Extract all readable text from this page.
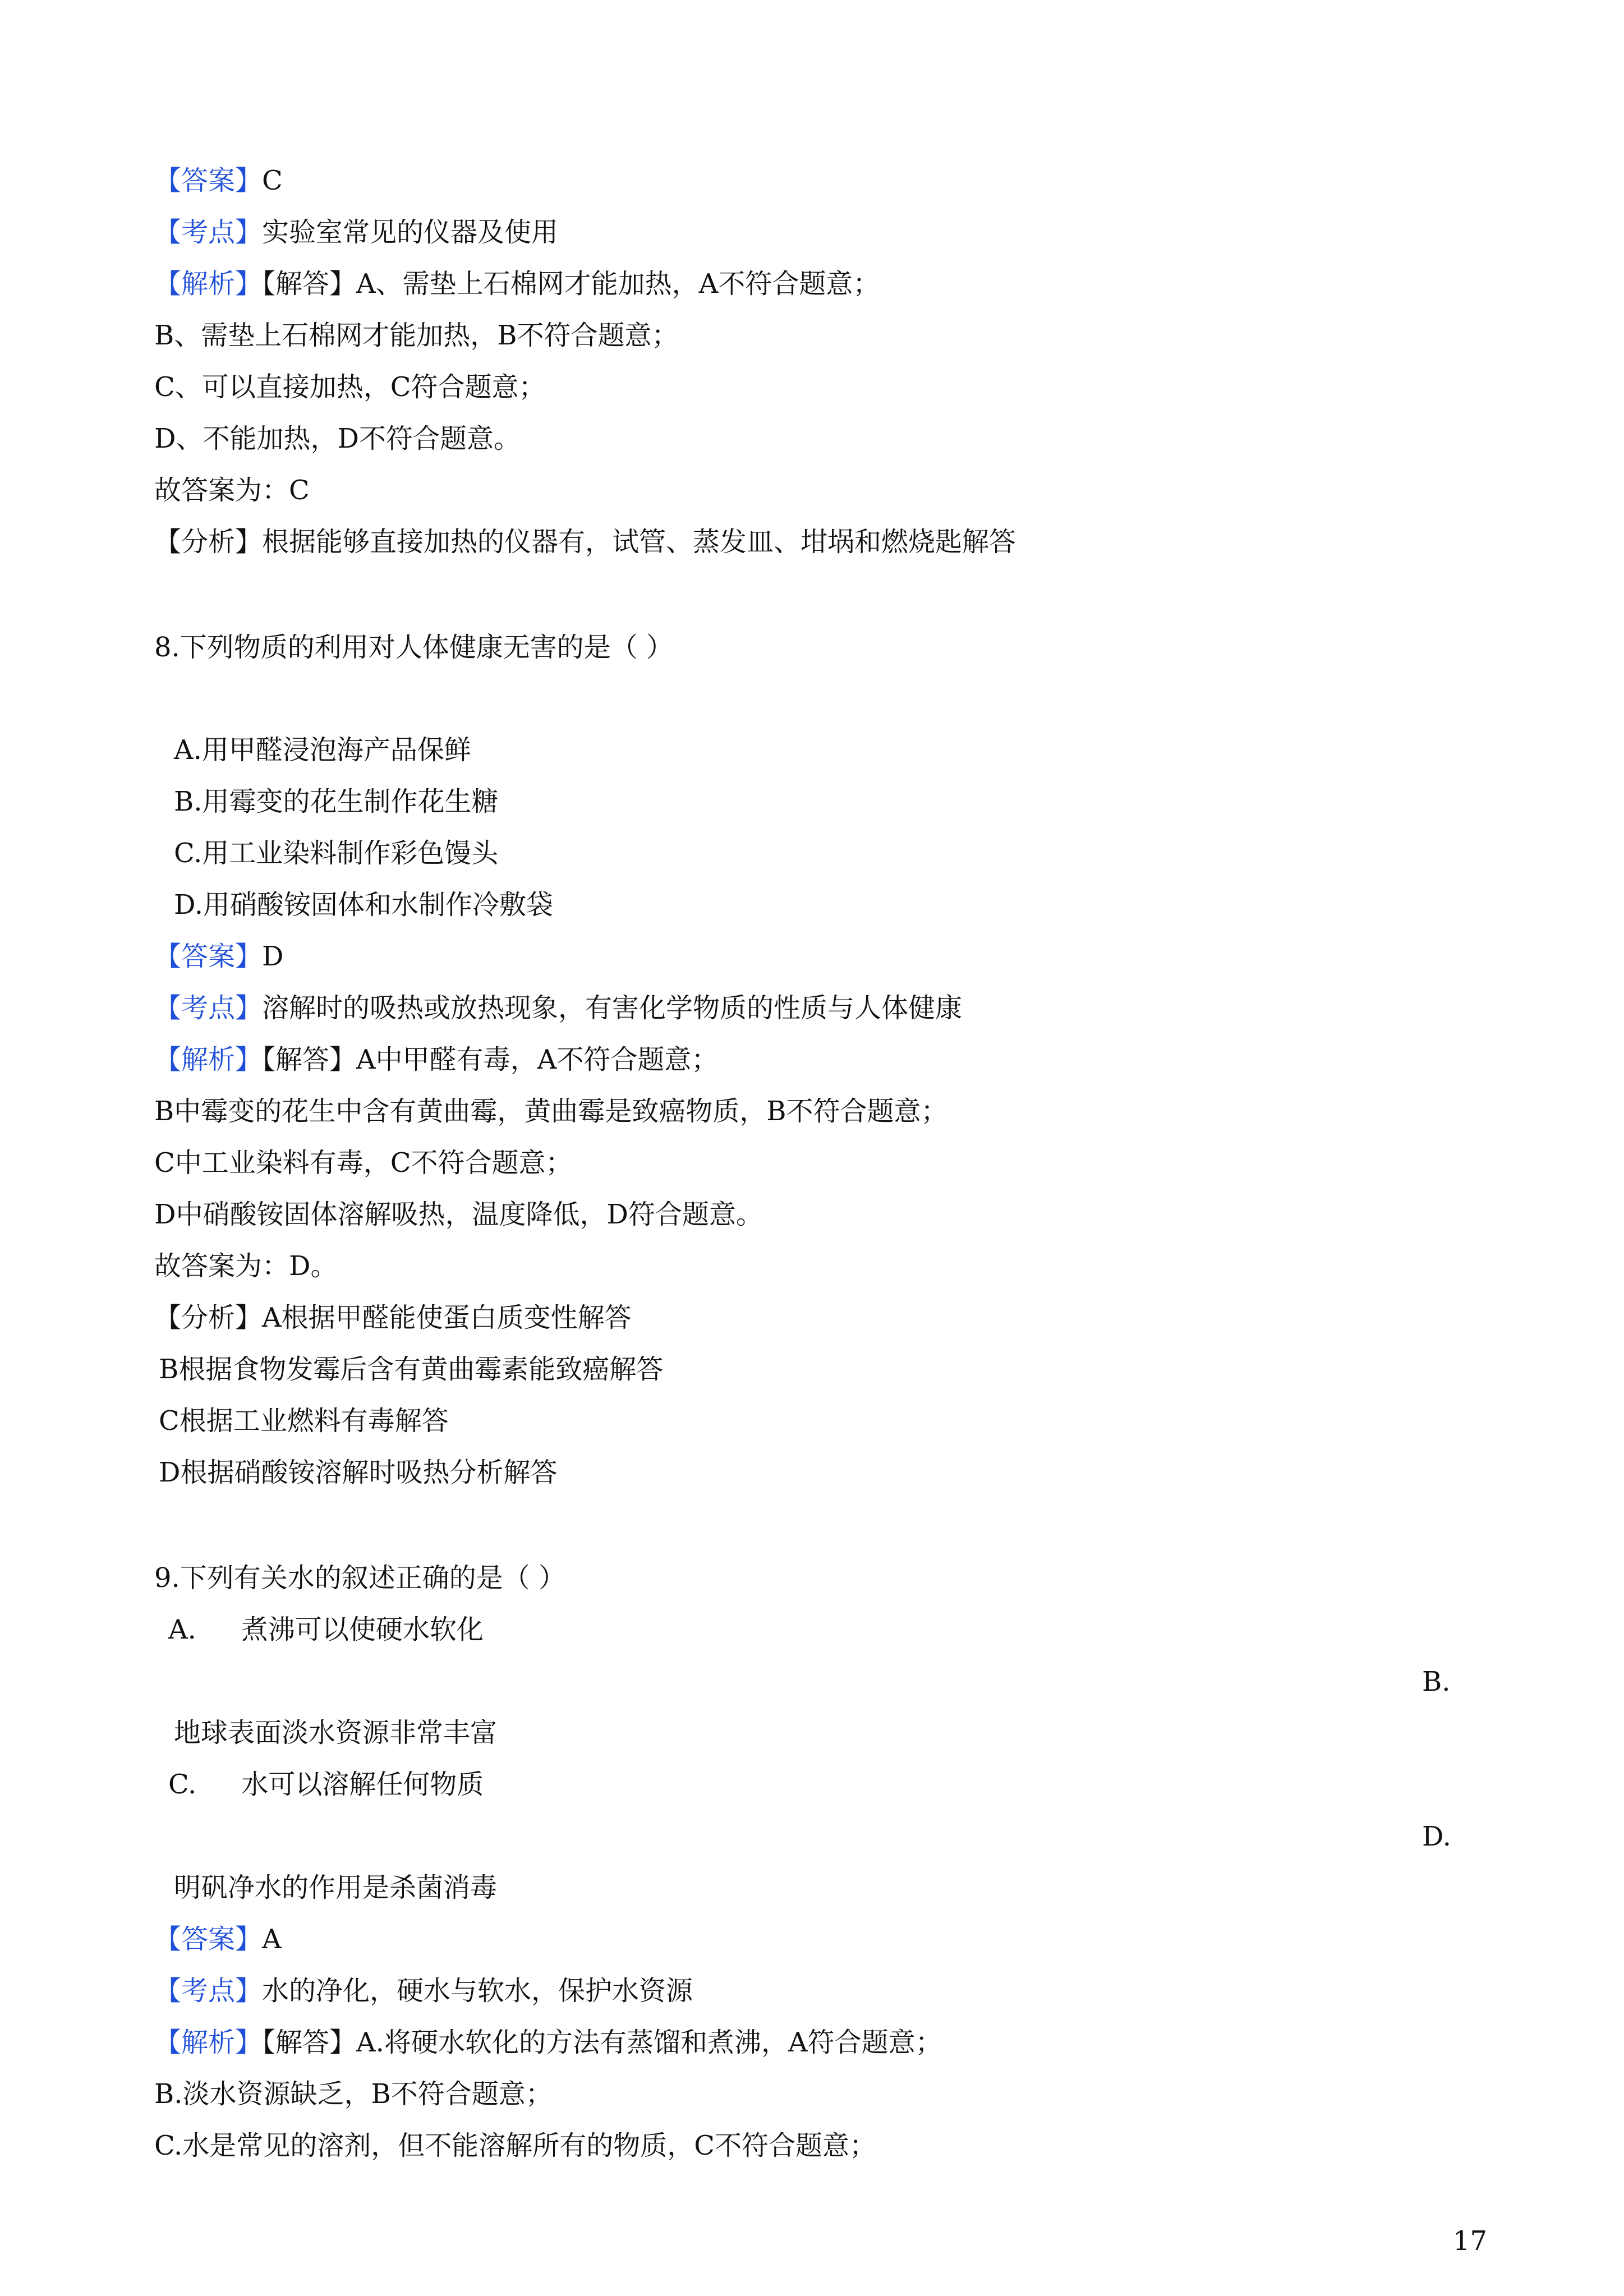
【答案】C
【考点】实验室常见的仪器及使用
【解析】【解答】A、需垫上石棉网才能加热，A不符合题意；
B、需垫上石棉网才能加热，B不符合题意；
C、可以直接加热，C符合题意；
D、不能加热，D不符合题意。
故答案为：C
【分析】根据能够直接加热的仪器有，试管、蒸发皿、坩埚和燃烧匙解答
8.下列物质的利用对人体健康无害的是（ ）
A.用甲醛浸泡海产品保鲜
B.用霉变的花生制作花生糖
C.用工业染料制作彩色馒头
D.用硝酸铵固体和水制作冷敷袋
【答案】D
【考点】溶解时的吸热或放热现象，有害化学物质的性质与人体健康
【解析】【解答】A中甲醛有毒，A不符合题意；
B中霉变的花生中含有黄曲霉，黄曲霉是致癌物质，B不符合题意；
C中工业染料有毒，C不符合题意；
D中硝酸铵固体溶解吸热，温度降低，D符合题意。
故答案为：D。
【分析】A根据甲醛能使蛋白质变性解答
B根据食物发霉后含有黄曲霉素能致癌解答
C根据工业燃料有毒解答
D根据硝酸铵溶解时吸热分析解答
9.下列有关水的叙述正确的是（ ）
A. 煮沸可以使硬水软化
B.
地球表面淡水资源非常丰富
C. 水可以溶解任何物质
D.
明矾净水的作用是杀菌消毒
【答案】A
【考点】水的净化，硬水与软水，保护水资源
【解析】【解答】A.将硬水软化的方法有蒸馏和煮沸，A符合题意；
B.淡水资源缺乏，B不符合题意；
C.水是常见的溶剂，但不能溶解所有的物质，C不符合题意；
17
